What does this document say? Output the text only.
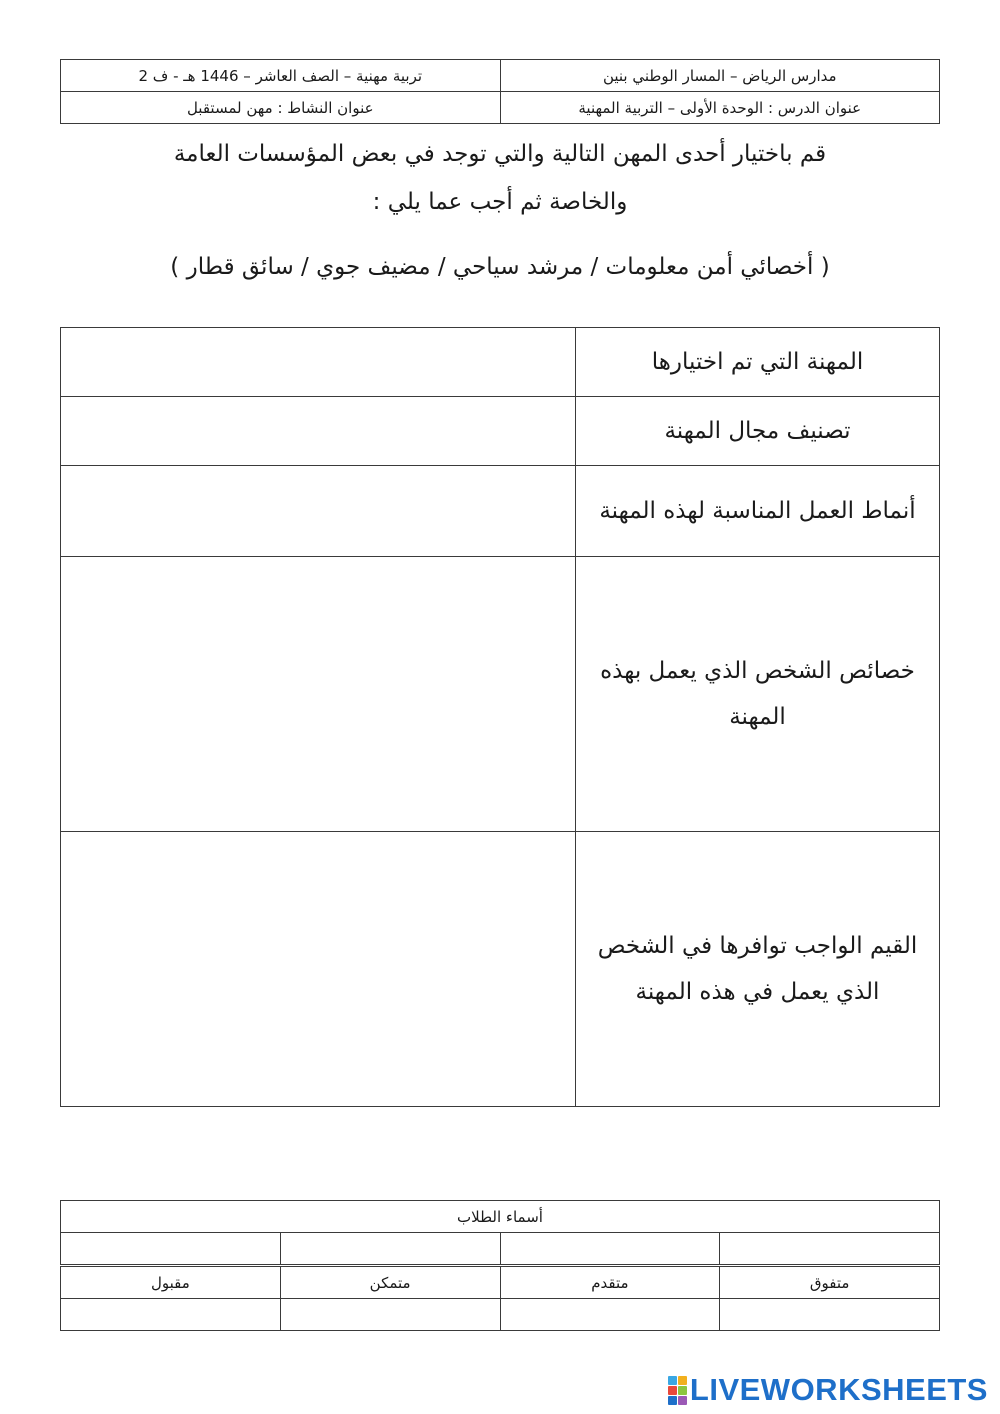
مدارس الرياض – المسار الوطني بنين	تربية مهنية – الصف العاشر – 1446 هـ - ف 2
عنوان الدرس : الوحدة الأولى – التربية المهنية	عنوان النشاط : مهن لمستقبل
قم باختيار أحدى المهن التالية والتي توجد في بعض المؤسسات العامة
والخاصة ثم أجب عما يلي :
( أخصائي أمن معلومات / مرشد سياحي / مضيف جوي / سائق قطار )
المهنة التي تم اختيارها	
تصنيف مجال المهنة	
أنماط العمل المناسبة لهذه المهنة	
خصائص الشخص الذي يعمل بهذه المهنة	
القيم الواجب توافرها في الشخص الذي يعمل في هذه المهنة	
أسماء الطلاب			

متفوق	متقدم	متمكن	مقبول

LIVEWORKSHEETS
